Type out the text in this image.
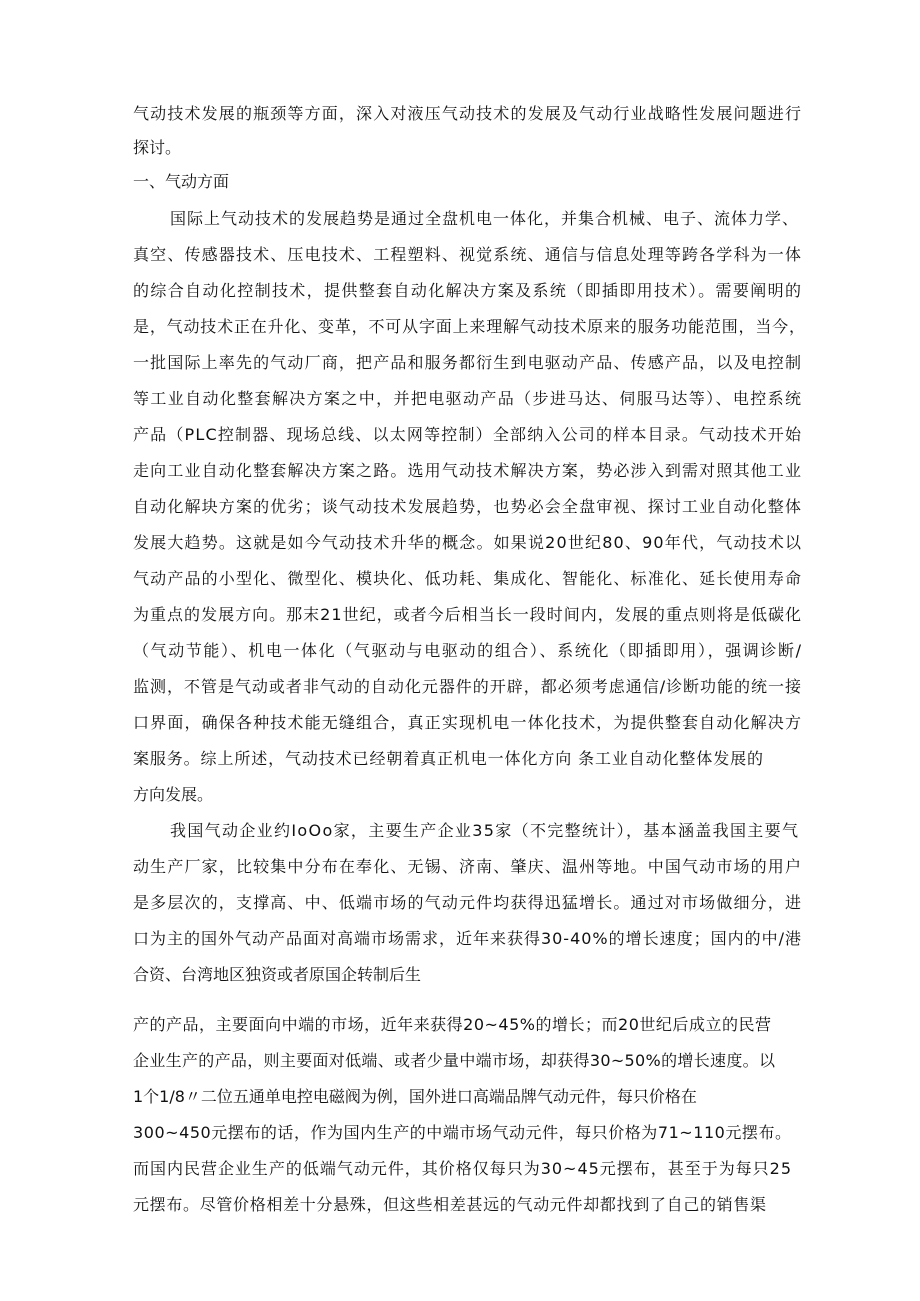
气动技术发展的瓶颈等方面，深入对液压气动技术的发展及气动行业战略性发展问题进行
探讨。
一、气动方面
国际上气动技术的发展趋势是通过全盘机电一体化，并集合机械、电子、流体力学、
真空、传感器技术、压电技术、工程塑料、视觉系统、通信与信息处理等跨各学科为一体
的综合自动化控制技术，提供整套自动化解决方案及系统（即插即用技术）。需要阐明的
是，气动技术正在升化、变革，不可从字面上来理解气动技术原来的服务功能范围，当今，
一批国际上率先的气动厂商，把产品和服务都衍生到电驱动产品、传感产品，以及电控制
等工业自动化整套解决方案之中，并把电驱动产品（步进马达、伺服马达等）、电控系统
产品（PLC控制器、现场总线、以太网等控制）全部纳入公司的样本目录。气动技术开始
走向工业自动化整套解决方案之路。选用气动技术解决方案，势必涉入到需对照其他工业
自动化解块方案的优劣；谈气动技术发展趋势，也势必会全盘审视、探讨工业自动化整体
发展大趋势。这就是如今气动技术升华的概念。如果说20世纪80、90年代，气动技术以
气动产品的小型化、微型化、模块化、低功耗、集成化、智能化、标准化、延长使用寿命
为重点的发展方向。那末21世纪，或者今后相当长一段时间内，发展的重点则将是低碳化
（气动节能）、机电一体化（气驱动与电驱动的组合）、系统化（即插即用），强调诊断/
监测，不管是气动或者非气动的自动化元器件的开辟，都必须考虑通信/诊断功能的统一接
口界面，确保各种技术能无缝组合，真正实现机电一体化技术，为提供整套自动化解决方
案服务。综上所述，气动技术已经朝着真正机电一体化方向 条工业自动化整体发展的
方向发展。
我国气动企业约IoOo家，主要生产企业35家（不完整统计），基本涵盖我国主要气
动生产厂家，比较集中分布在奉化、无锡、济南、肇庆、温州等地。中国气动市场的用户
是多层次的，支撑高、中、低端市场的气动元件均获得迅猛增长。通过对市场做细分，进
口为主的国外气动产品面对高端市场需求，近年来获得30-40%的增长速度；国内的中/港
合资、台湾地区独资或者原国企转制后生
产的产品，主要面向中端的市场，近年来获得20~45%的增长；而20世纪后成立的民营
企业生产的产品，则主要面对低端、或者少量中端市场，却获得30~50%的增长速度。以
1个1/8〃二位五通单电控电磁阀为例，国外进口高端品牌气动元件，每只价格在
300~450元摆布的话，作为国内生产的中端市场气动元件，每只价格为71~110元摆布。
而国内民营企业生产的低端气动元件，其价格仅每只为30~45元摆布，甚至于为每只25
元摆布。尽管价格相差十分悬殊，但这些相差甚远的气动元件却都找到了自己的销售渠
